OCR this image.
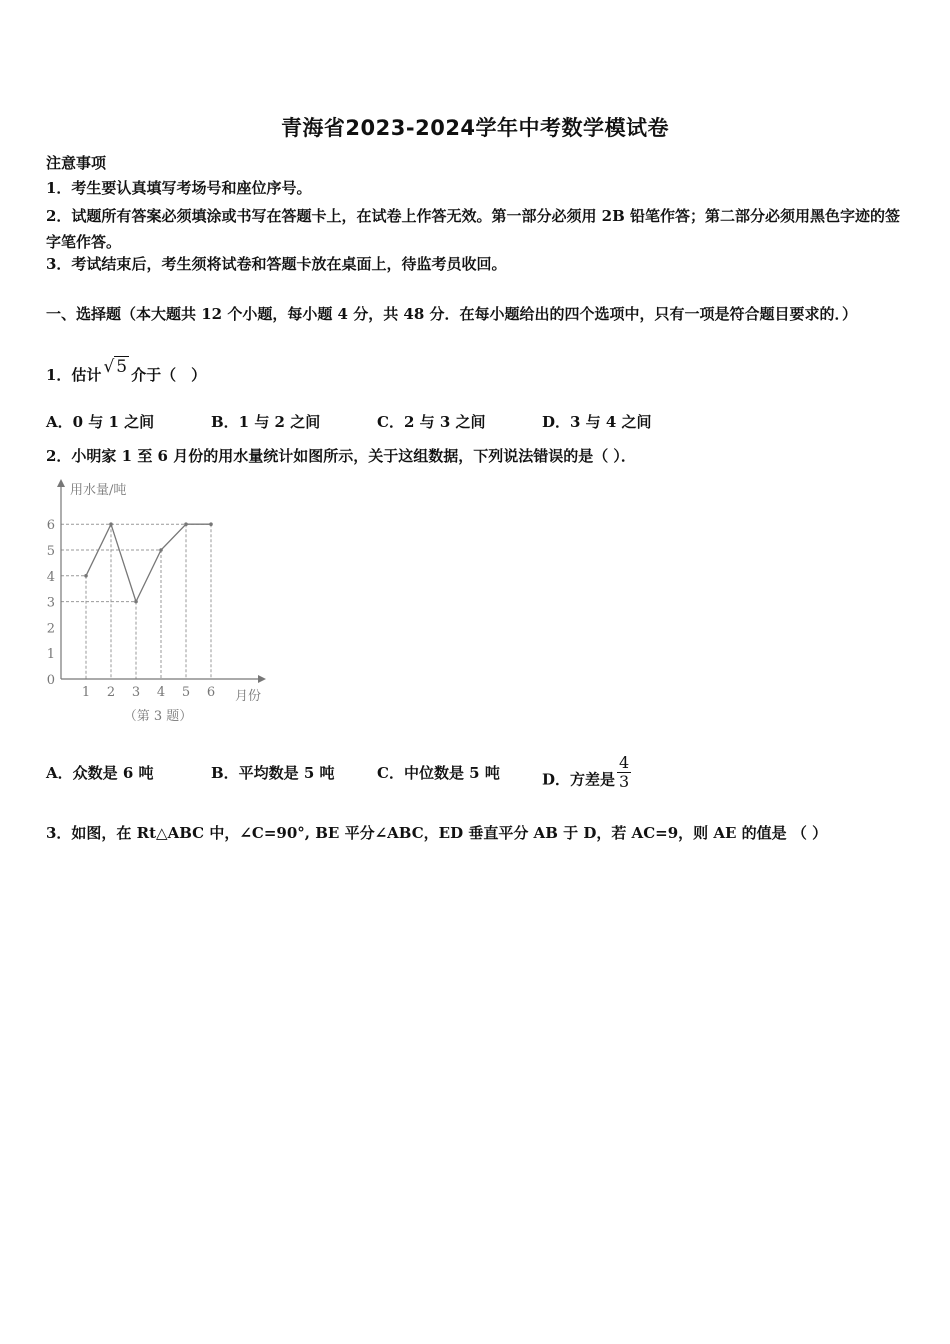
青海省2023-2024学年中考数学模试卷
注意事项
1．考生要认真填写考场号和座位序号。
2．试题所有答案必须填涂或书写在答题卡上，在试卷上作答无效。第一部分必须用 2B 铅笔作答；第二部分必须用黑色字迹的签字笔作答。
3．考试结束后，考生须将试卷和答题卡放在桌面上，待监考员收回。
一、选择题（本大题共 12 个小题，每小题 4 分，共 48 分．在每小题给出的四个选项中，只有一项是符合题目要求的．）
1．估计 √ 5 介于（　）
A．0 与 1 之间	B．1 与 2 之间	C．2 与 3 之间	D．3 与 4 之间
2．小明家 1 至 6 月份的用水量统计如图所示，关于这组数据，下列说法错误的是（ ）．
0
1
2
3
4
5
6
1 2 3 4 5 6
用水量/吨
月份
（第 3 题）
A．众数是 6 吨	B．平均数是 5 吨	C．中位数是 5 吨	D．方差是 $\frac{4}{3}$
3．如图，在 Rt△ABC 中，∠C=90°, BE 平分∠ABC，ED 垂直平分 AB 于 D，若 AC=9，则 AE 的值是 （ ）
